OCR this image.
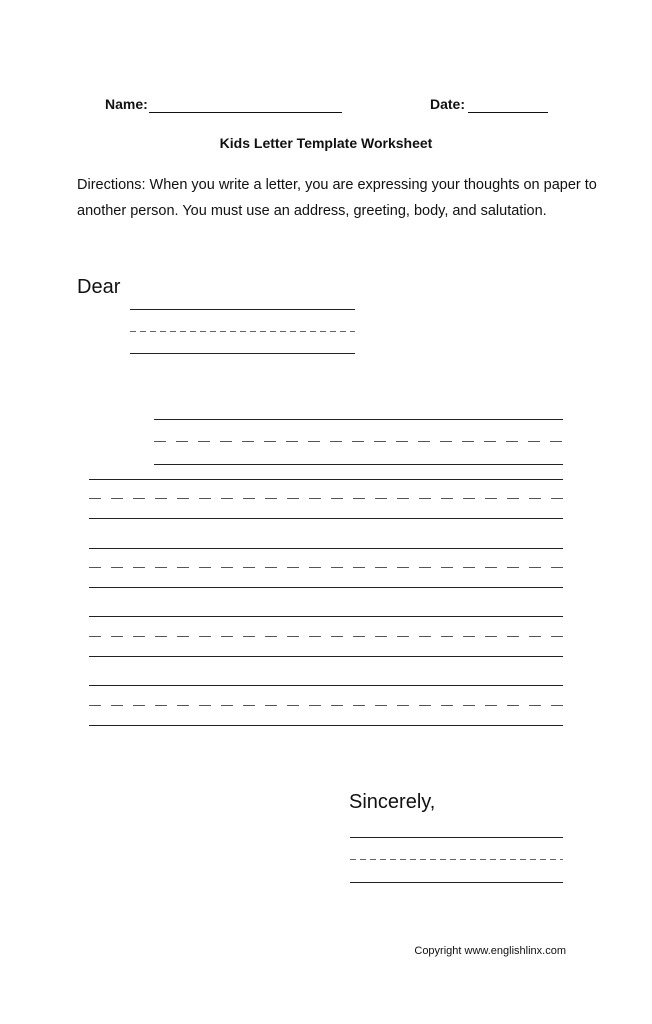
Name:	Date:
Kids Letter Template Worksheet
Directions: When you write a letter, you are expressing your thoughts on paper to another person. You must use an address, greeting, body, and salutation.
Dear
Sincerely,
Copyright www.englishlinx.com
